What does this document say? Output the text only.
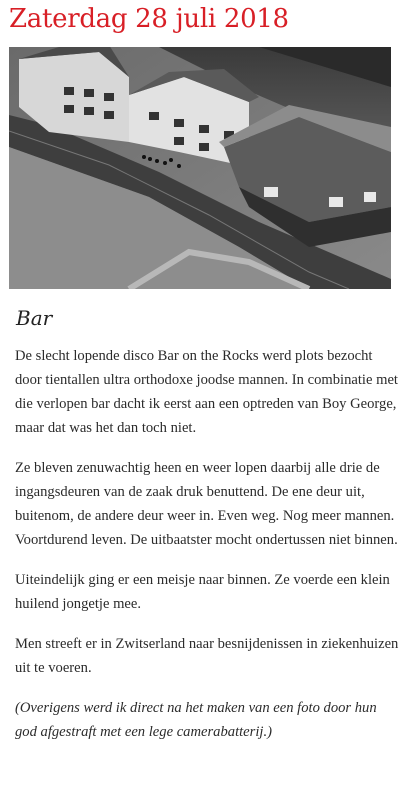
Zaterdag 28 juli 2018
Bar

De slecht lopende disco Bar on the Rocks werd plots bezocht door tientallen ultra orthodoxe joodse mannen. In combinatie met die verlopen bar dacht ik eerst aan een optreden van Boy George, maar dat was het dan toch niet.

Ze bleven zenuwachtig heen en weer lopen daarbij alle drie de ingangsdeuren van de zaak druk benuttend. De ene deur uit, buitenom, de andere deur weer in. Even weg. Nog meer mannen. Voortdurend leven. De uitbaatster mocht ondertussen niet binnen.

Uiteindelijk ging er een meisje naar binnen. Ze voerde een klein huilend jongetje mee.

Men streeft er in Zwitserland naar besnijdenissen in ziekenhuizen uit te voeren.

(Overigens werd ik direct na het maken van een foto door hun god afgestraft met een lege camerabatterij.)
